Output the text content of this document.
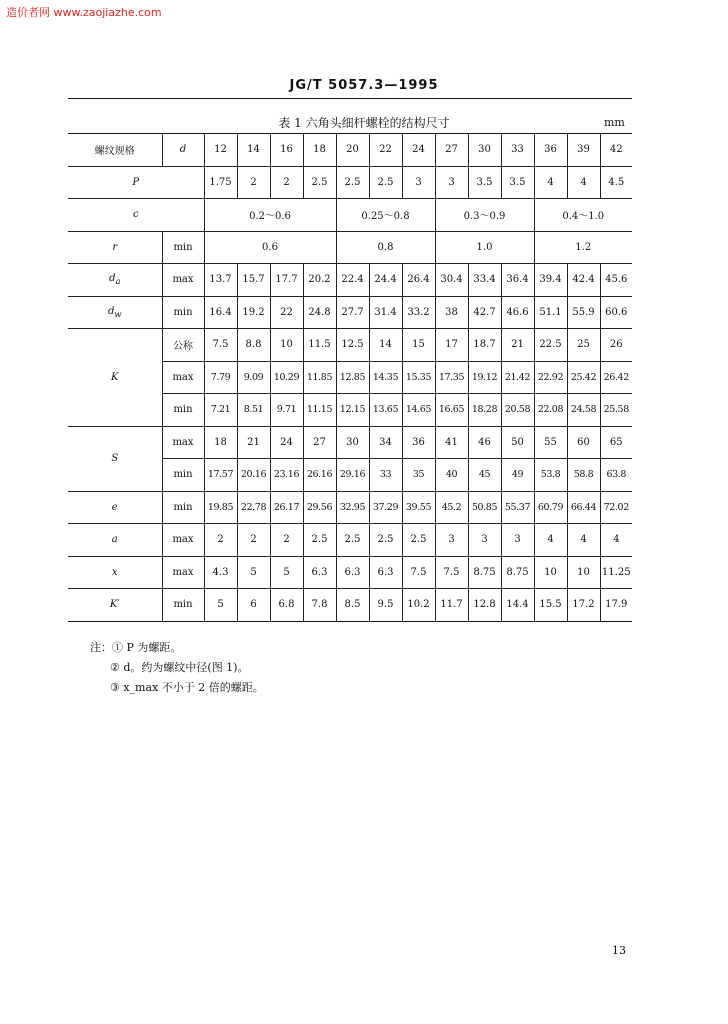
造价者网 www.zaojiazhe.com
JG/T 5057.3—1995
表 1 六角头细杆螺栓的结构尺寸	mm
螺纹规格	d	12	14	16	18	20	22	24	27	30	33	36	39	42
P		1.75	2	2	2.5	2.5	2.5	3	3	3.5	3.5	4	4	4.5
c		0.2～0.6				0.25～0.8			0.3～0.9			0.4～1.0		
r	min	0.6				0.8			1.0			1.2		
$d_a$	max	13.7	15.7	17.7	20.2	22.4	24.4	26.4	30.4	33.4	36.4	39.4	42.4	45.6
$d_w$	min	16.4	19.2	22	24.8	27.7	31.4	33.2	38	42.7	46.6	51.1	55.9	60.6
K	公称	7.5	8.8	10	11.5	12.5	14	15	17	18.7	21	22.5	25	26
	max	7.79	9.09	10.29	11.85	12.85	14.35	15.35	17.35	19.12	21.42	22.92	25.42	26.42
	min	7.21	8.51	9.71	11.15	12.15	13.65	14.65	16.65	18.28	20.58	22.08	24.58	25.58
S	max	18	21	24	27	30	34	36	41	46	50	55	60	65
	min	17.57	20.16	23.16	26.16	29.16	33	35	40	45	49	53.8	58.8	63.8
e	min	19.85	22.78	26.17	29.56	32.95	37.29	39.55	45.2	50.85	55.37	60.79	66.44	72.02
a	max	2	2	2	2.5	2.5	2.5	2.5	3	3	3	4	4	4
x	max	4.3	5	5	6.3	6.3	6.3	7.5	7.5	8.75	8.75	10	10	11.25
K′	min	5	6	6.8	7.8	8.5	9.5	10.2	11.7	12.8	14.4	15.5	17.2	17.9
注：① P 为螺距。
② d。约为螺纹中径(图 1)。
③ x_max 不小于 2 倍的螺距。
13
